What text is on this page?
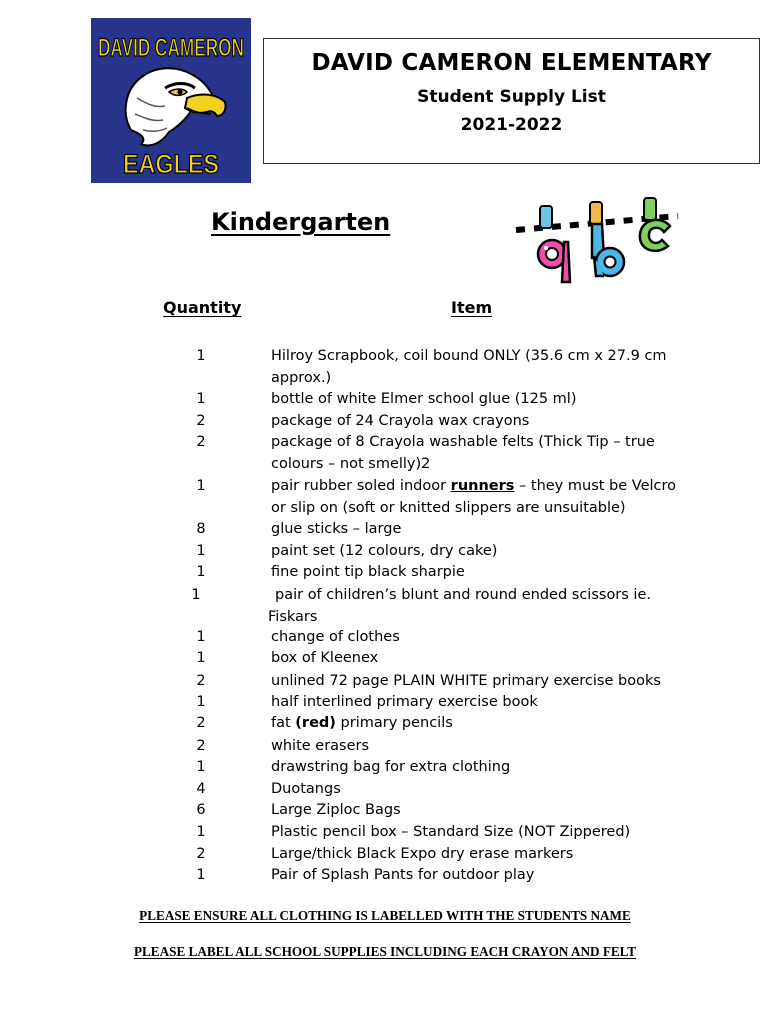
DAVID CAMERON
EAGLES
DAVID CAMERON ELEMENTARY
Student Supply List
2021-2022
Kindergarten
Quantity	Item
1	Hilroy Scrapbook, coil bound ONLY (35.6 cm x 27.9 cm
approx.)
1	bottle of white Elmer school glue (125 ml)
2	package of 24 Crayola wax crayons
2	package of 8 Crayola washable felts (Thick Tip – true
colours – not smelly)2
1	pair rubber soled indoor runners – they must be Velcro
or slip on (soft or knitted slippers are unsuitable)
8	glue sticks – large
1	paint set (12 colours, dry cake)
1	fine point tip black sharpie
1	pair of children’s blunt and round ended scissors ie.
Fiskars
1	change of clothes
1	box of Kleenex
2	unlined 72 page PLAIN WHITE primary exercise books
1	half interlined primary exercise book
2	fat (red) primary pencils
2	white erasers
1	drawstring bag for extra clothing
4	Duotangs
6	Large Ziploc Bags
1	Plastic pencil box – Standard Size (NOT Zippered)
2	Large/thick Black Expo dry erase markers
1	Pair of Splash Pants for outdoor play
PLEASE ENSURE ALL CLOTHING IS LABELLED WITH THE STUDENTS NAME
PLEASE LABEL ALL SCHOOL SUPPLIES INCLUDING EACH CRAYON AND FELT
